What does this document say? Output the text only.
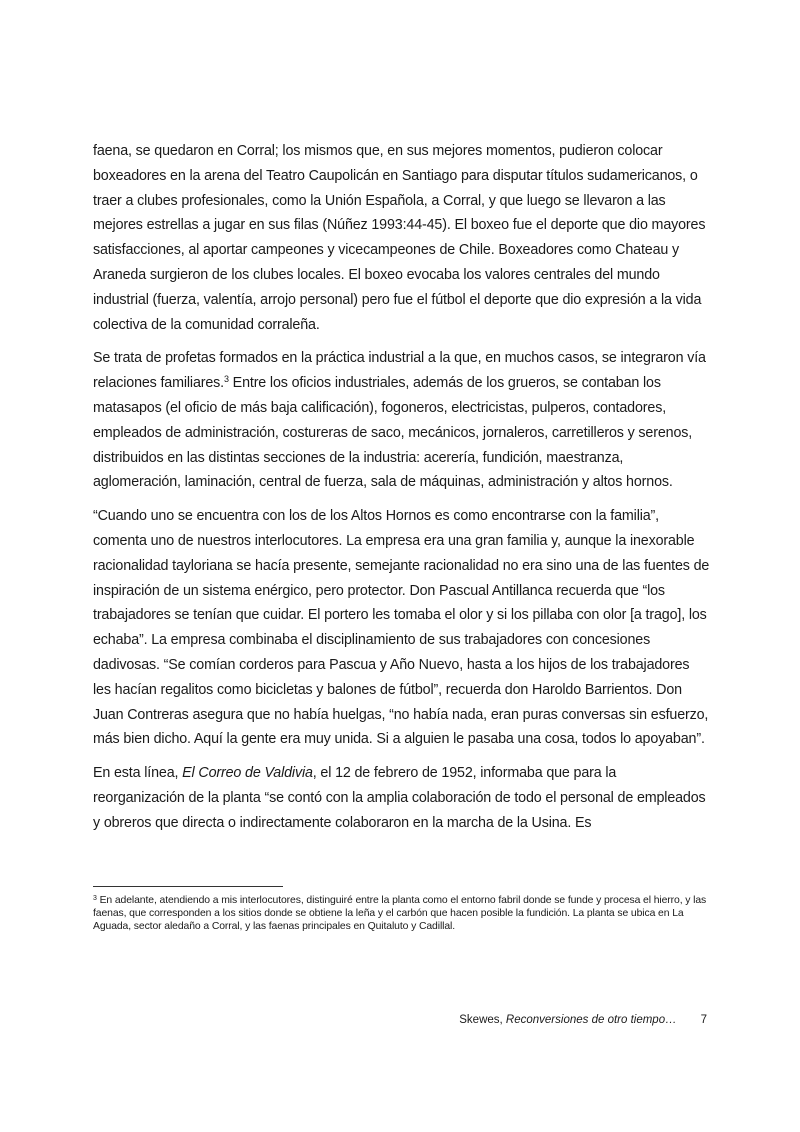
faena, se quedaron en Corral; los mismos que, en sus mejores momentos, pudieron colocar boxeadores en la arena del Teatro Caupolicán en Santiago para disputar títulos sudamericanos, o traer a clubes profesionales, como la Unión Española, a Corral, y que luego se llevaron a las mejores estrellas a jugar en sus filas (Núñez 1993:44-45). El boxeo fue el deporte que dio mayores satisfacciones, al aportar campeones y vicecampeones de Chile. Boxeadores como Chateau y Araneda surgieron de los clubes locales. El boxeo evocaba los valores centrales del mundo industrial (fuerza, valentía, arrojo personal) pero fue el fútbol el deporte que dio expresión a la vida colectiva de la comunidad corraleña.

Se trata de profetas formados en la práctica industrial a la que, en muchos casos, se integraron vía relaciones familiares.$^3$ Entre los oficios industriales, además de los grueros, se contaban los matasapos (el oficio de más baja calificación), fogoneros, electricistas, pulperos, contadores, empleados de administración, costureras de saco, mecánicos, jornaleros, carretilleros y serenos, distribuidos en las distintas secciones de la industria: acerería, fundición, maestranza, aglomeración, laminación, central de fuerza, sala de máquinas, administración y altos hornos.

“Cuando uno se encuentra con los de los Altos Hornos es como encontrarse con la familia”, comenta uno de nuestros interlocutores. La empresa era una gran familia y, aunque la inexorable racionalidad tayloriana se hacía presente, semejante racionalidad no era sino una de las fuentes de inspiración de un sistema enérgico, pero protector. Don Pascual Antillanca recuerda que “los trabajadores se tenían que cuidar. El portero les tomaba el olor y si los pillaba con olor [a trago], los echaba”. La empresa combinaba el disciplinamiento de sus trabajadores con concesiones dadivosas. “Se comían corderos para Pascua y Año Nuevo, hasta a los hijos de los trabajadores les hacían regalitos como bicicletas y balones de fútbol”, recuerda don Haroldo Barrientos. Don Juan Contreras asegura que no había huelgas, “no había nada, eran puras conversas sin esfuerzo, más bien dicho. Aquí la gente era muy unida. Si a alguien le pasaba una cosa, todos lo apoyaban”.

En esta línea, El Correo de Valdivia, el 12 de febrero de 1952, informaba que para la reorganización de la planta “se contó con la amplia colaboración de todo el personal de empleados y obreros que directa o indirectamente colaboraron en la marcha de la Usina. Es

$^3$ En adelante, atendiendo a mis interlocutores, distinguiré entre la planta como el entorno fabril donde se funde y procesa el hierro, y las faenas, que corresponden a los sitios donde se obtiene la leña y el carbón que hacen posible la fundición. La planta se ubica en La Aguada, sector aledaño a Corral, y las faenas principales en Quitaluto y Cadillal.
Skewes, Reconversiones de otro tiempo… 7
